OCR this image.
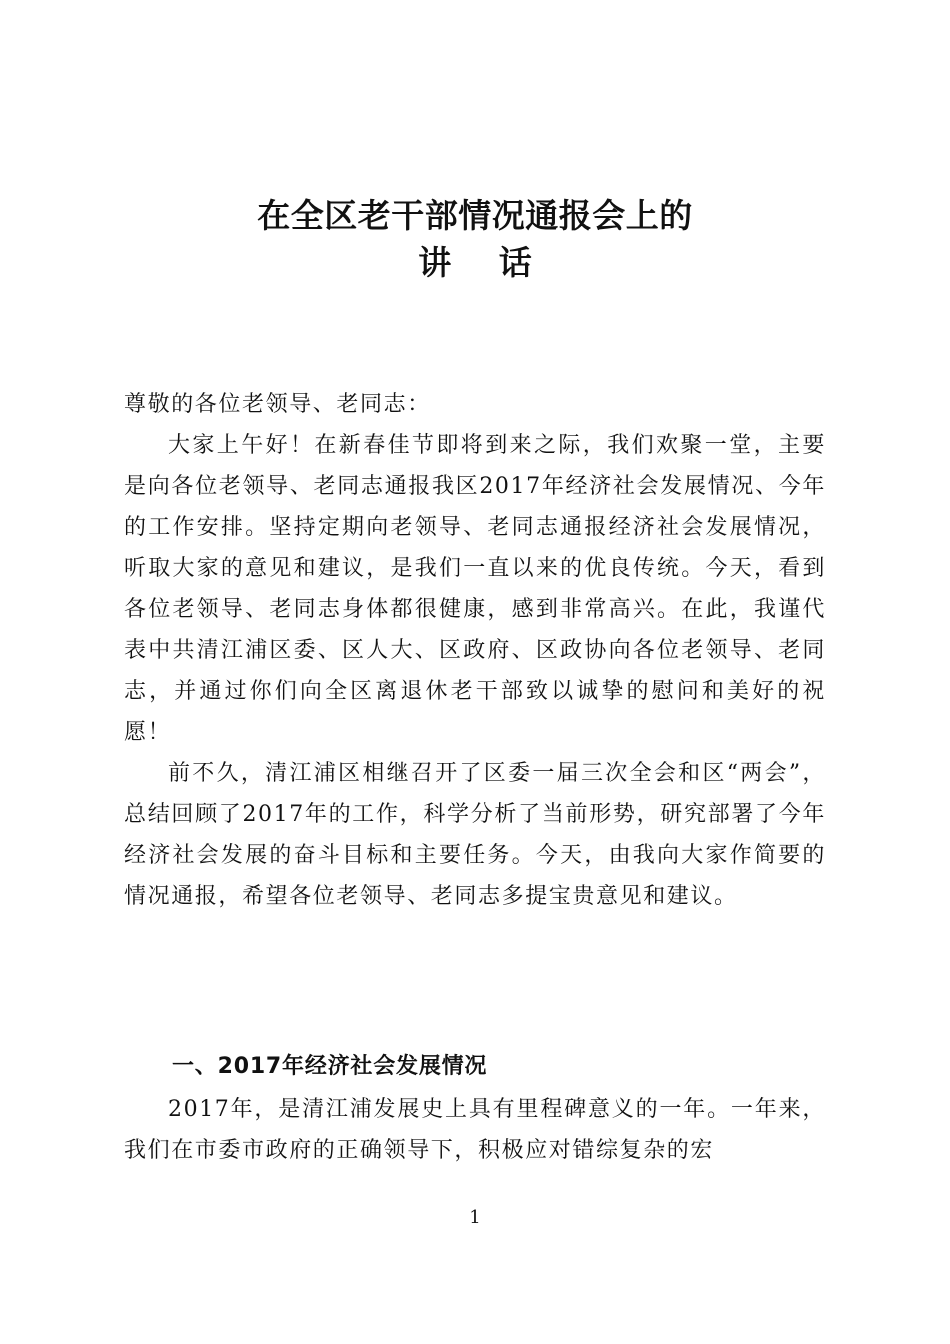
在全区老干部情况通报会上的
讲 话
尊敬的各位老领导、老同志：

大家上午好！在新春佳节即将到来之际，我们欢聚一堂，主要是向各位老领导、老同志通报我区2017年经济社会发展情况、今年的工作安排。坚持定期向老领导、老同志通报经济社会发展情况，听取大家的意见和建议，是我们一直以来的优良传统。今天，看到各位老领导、老同志身体都很健康，感到非常高兴。在此，我谨代表中共清江浦区委、区人大、区政府、区政协向各位老领导、老同志，并通过你们向全区离退休老干部致以诚挚的慰问和美好的祝愿！

前不久，清江浦区相继召开了区委一届三次全会和区“两会”，总结回顾了2017年的工作，科学分析了当前形势，研究部署了今年经济社会发展的奋斗目标和主要任务。今天，由我向大家作简要的情况通报，希望各位老领导、老同志多提宝贵意见和建议。

一、2017年经济社会发展情况

2017年，是清江浦发展史上具有里程碑意义的一年。一年来，我们在市委市政府的正确领导下，积极应对错综复杂的宏

1
